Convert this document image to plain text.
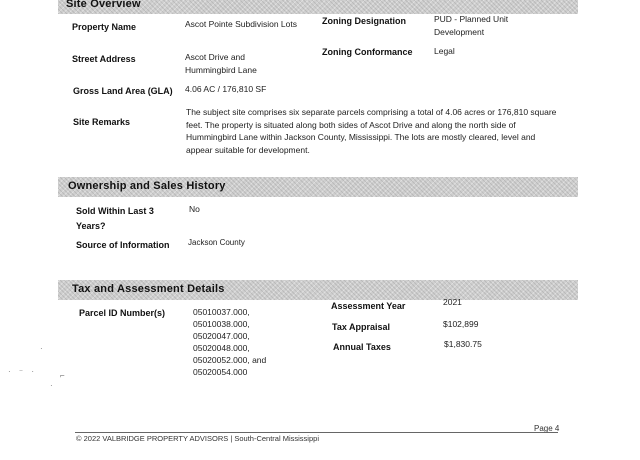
Site Overview
Property Name	Ascot Pointe Subdivision Lots	Zoning Designation	PUD - Planned Unit Development
Street Address	Ascot Drive and Hummingbird Lane
Zoning Conformance	Legal
Gross Land Area (GLA) 4.06 AC / 176,810 SF
Site Remarks
The subject site comprises six separate parcels comprising a total of 4.06 acres or 176,810 square feet. The property is situated along both sides of Ascot Drive and along the north side of Hummingbird Lane within Jackson County, Mississippi. The lots are mostly cleared, level and appear suitable for development.
Ownership and Sales History
Sold Within Last 3 Years?
No
Source of Information Jackson County
Tax and Assessment Details
Parcel ID Number(s)	05010037.000,
05010038.000,
05020047.000,
05020048.000,
05020052.000, and
05020054.000
Assessment Year	2021
Tax Appraisal	$102,899
Annual Taxes	$1,830.75
·
· ⁻ ·	⌐
·
Page 4
© 2022 VALBRIDGE PROPERTY ADVISORS | South-Central Mississippi
